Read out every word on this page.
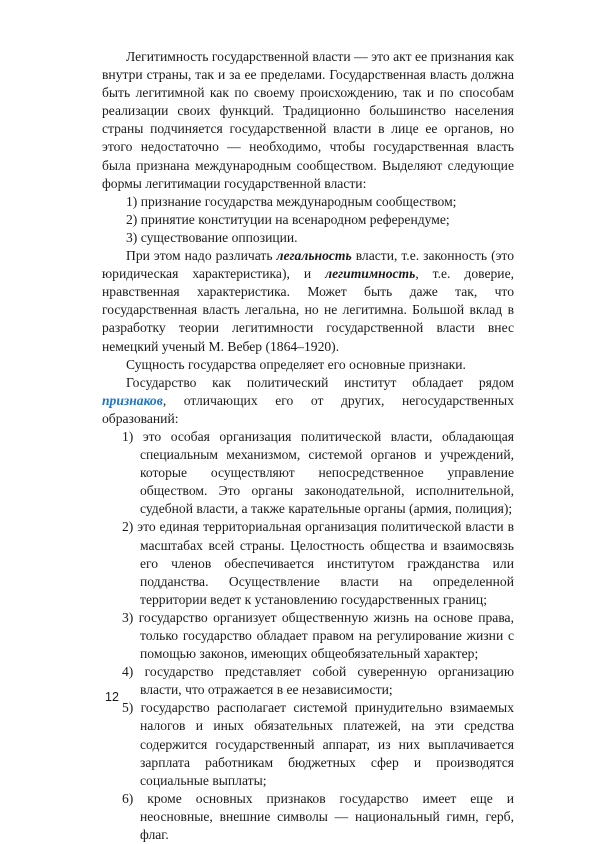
Легитимность государственной власти — это акт ее признания как внутри страны, так и за ее пределами. Государственная власть должна быть легитимной как по своему происхождению, так и по способам реализации своих функций. Традиционно большинство населения страны подчиняется государственной власти в лице ее органов, но этого недостаточно — необходимо, чтобы государственная власть была признана международным сообществом. Выделяют следующие формы легитимации государственной власти:

1) признание государства международным сообществом;
2) принятие конституции на всенародном референдуме;
3) существование оппозиции.

При этом надо различать легальность власти, т.е. законность (это юридическая характеристика), и легитимность, т.е. доверие, нравственная характеристика. Может быть даже так, что государственная власть легальна, но не легитимна. Большой вклад в разработку теории легитимности государственной власти внес немецкий ученый М. Вебер (1864–1920).

Сущность государства определяет его основные признаки.

Государство как политический институт обладает рядом признаков, отличающих его от других, негосударственных образований:

1) это особая организация политической власти, обладающая специальным механизмом, системой органов и учреждений, которые осуществляют непосредственное управление обществом. Это органы законодательной, исполнительной, судебной власти, а также карательные органы (армия, полиция);
2) это единая территориальная организация политической власти в масштабах всей страны. Целостность общества и взаимосвязь его членов обеспечивается институтом гражданства или подданства. Осуществление власти на определенной территории ведет к установлению государственных границ;
3) государство организует общественную жизнь на основе права, только государство обладает правом на регулирование жизни с помощью законов, имеющих общеобязательный характер;
4) государство представляет собой суверенную организацию власти, что отражается в ее независимости;
5) государство располагает системой принудительно взимаемых налогов и иных обязательных платежей, на эти средства содержится государственный аппарат, из них выплачивается зарплата работникам бюджетных сфер и производятся социальные выплаты;
6) кроме основных признаков государство имеет еще и неосновные, внешние символы — национальный гимн, герб, флаг.
12
